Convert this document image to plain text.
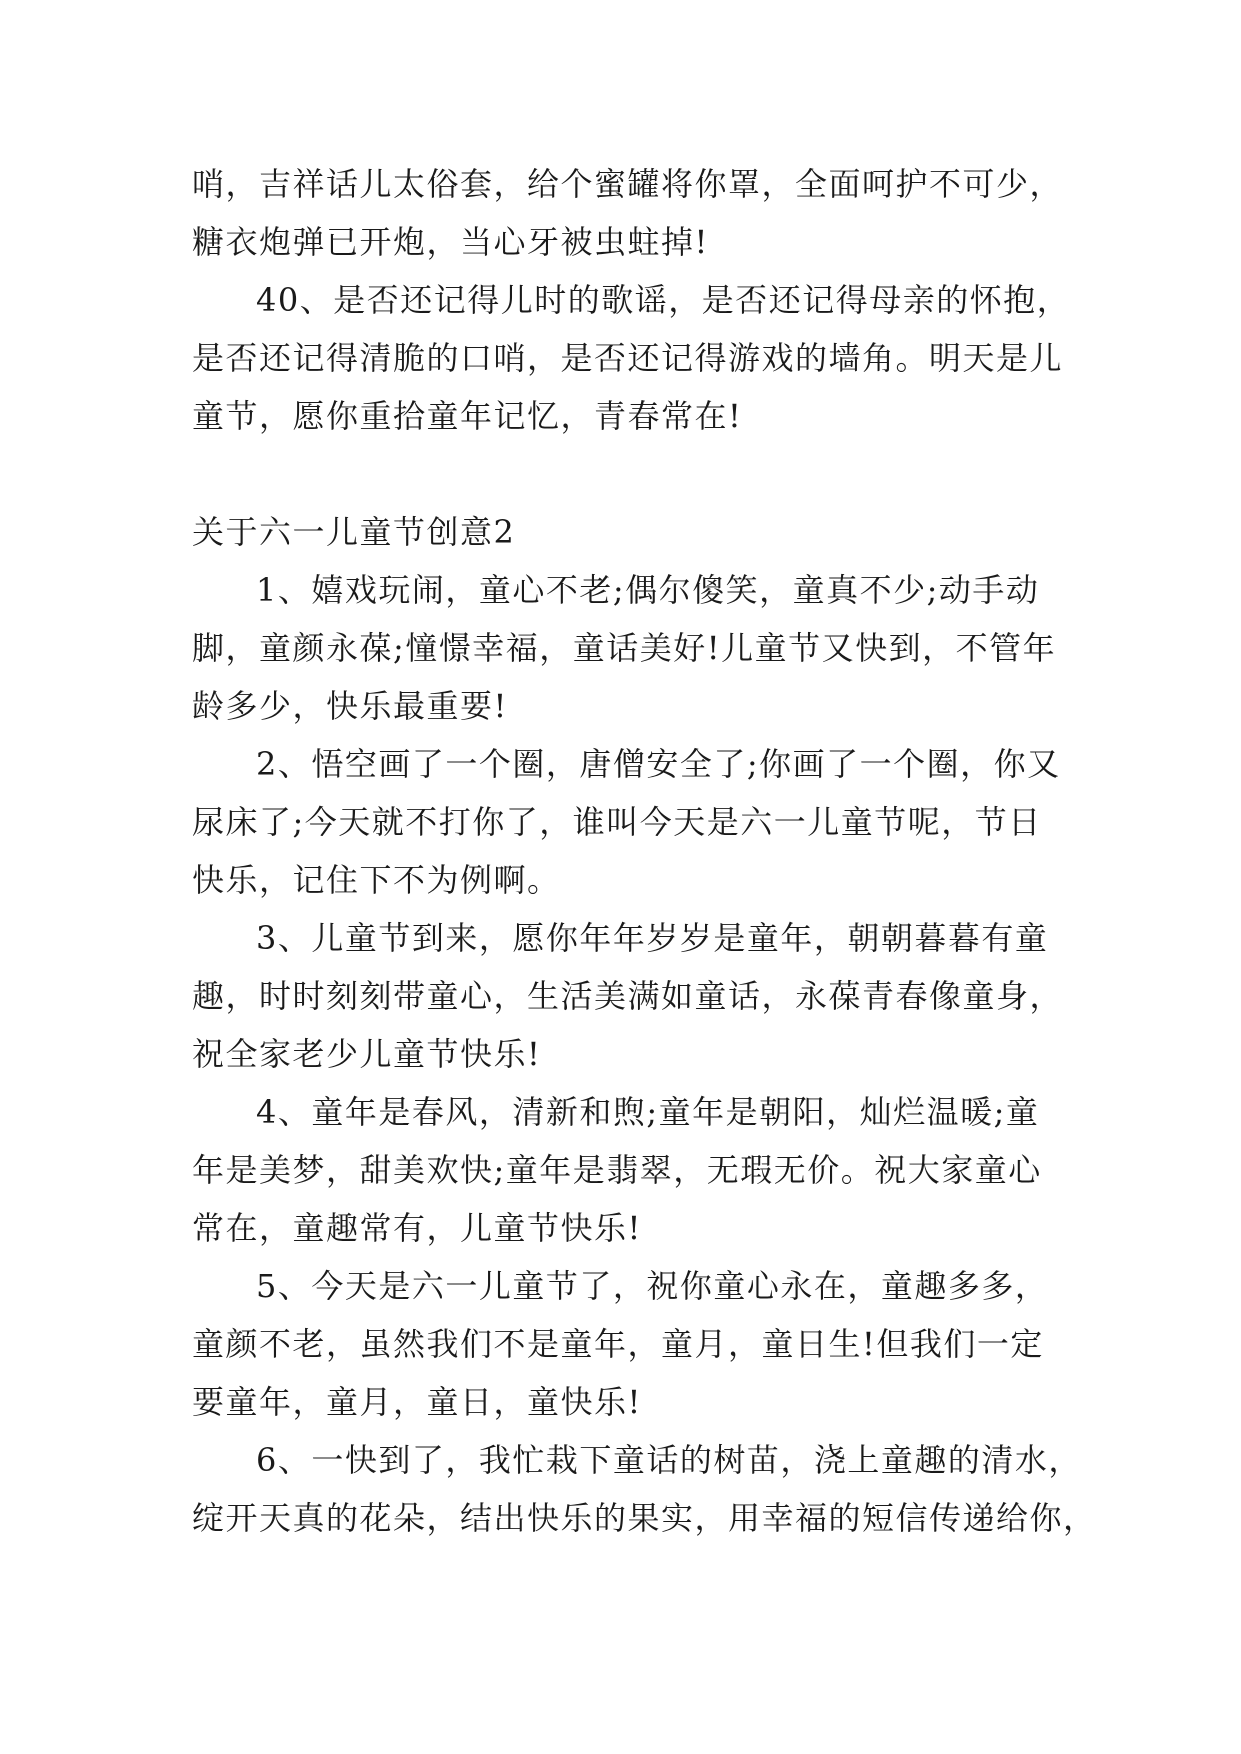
哨，吉祥话儿太俗套，给个蜜罐将你罩，全面呵护不可少，
糖衣炮弹已开炮，当心牙被虫蛀掉!
40、是否还记得儿时的歌谣，是否还记得母亲的怀抱，
是否还记得清脆的口哨，是否还记得游戏的墙角。明天是儿
童节，愿你重拾童年记忆，青春常在!
关于六一儿童节创意2
1、嬉戏玩闹，童心不老;偶尔傻笑，童真不少;动手动
脚，童颜永葆;憧憬幸福，童话美好!儿童节又快到，不管年
龄多少，快乐最重要!
2、悟空画了一个圈，唐僧安全了;你画了一个圈，你又
尿床了;今天就不打你了，谁叫今天是六一儿童节呢，节日
快乐，记住下不为例啊。
3、儿童节到来，愿你年年岁岁是童年，朝朝暮暮有童
趣，时时刻刻带童心，生活美满如童话，永葆青春像童身，
祝全家老少儿童节快乐!
4、童年是春风，清新和煦;童年是朝阳，灿烂温暖;童
年是美梦，甜美欢快;童年是翡翠，无瑕无价。祝大家童心
常在，童趣常有，儿童节快乐!
5、今天是六一儿童节了，祝你童心永在，童趣多多，
童颜不老，虽然我们不是童年，童月，童日生!但我们一定
要童年，童月，童日，童快乐!
6、一快到了，我忙栽下童话的树苗，浇上童趣的清水，
绽开天真的花朵，结出快乐的果实，用幸福的短信传递给你，
